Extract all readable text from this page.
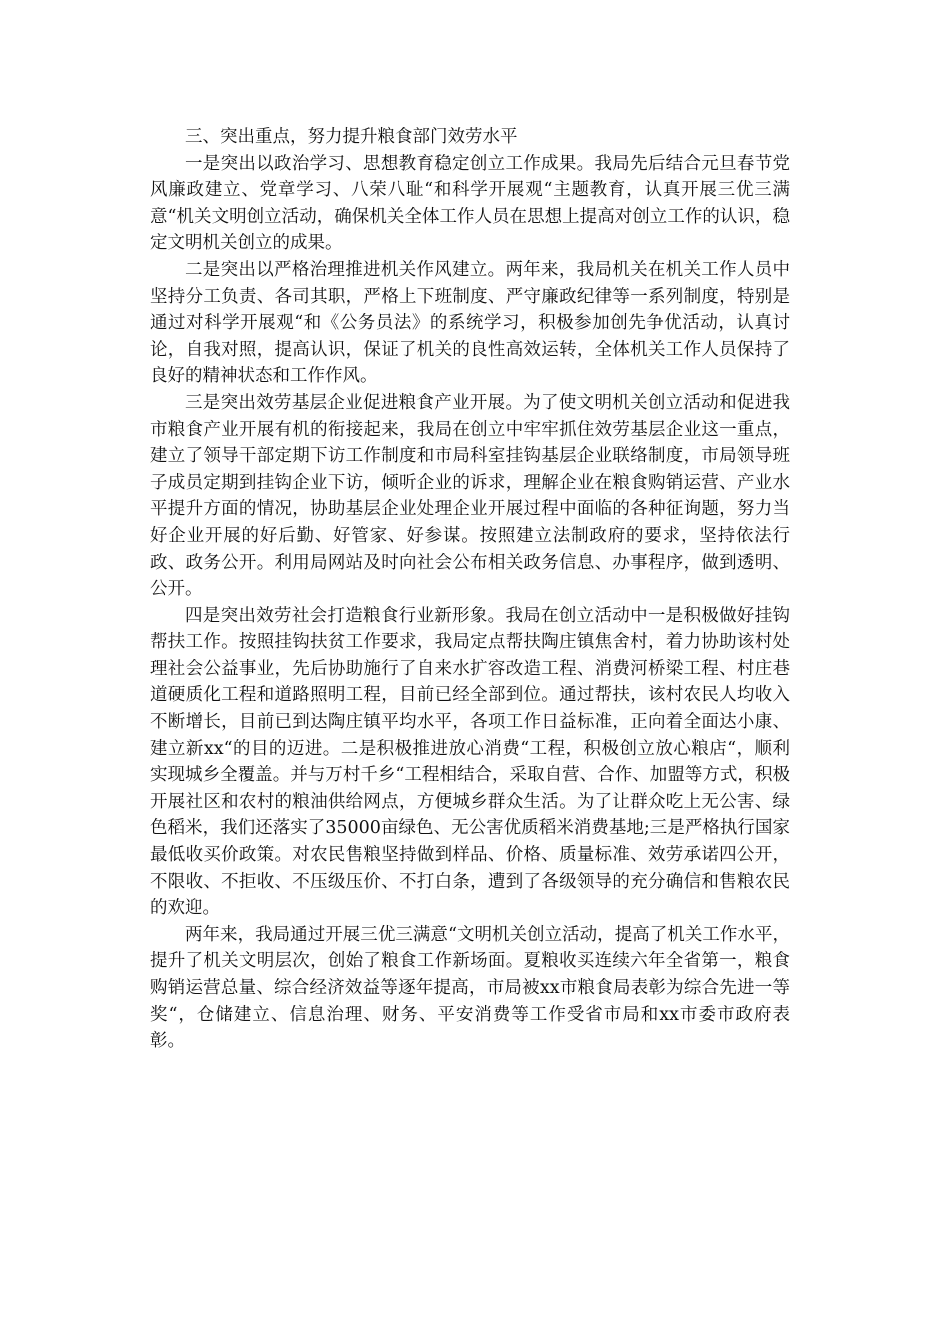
三、突出重点，努力提升粮食部门效劳水平

一是突出以政治学习、思想教育稳定创立工作成果。我局先后结合元旦春节党风廉政建立、党章学习、八荣八耻“和科学开展观“主题教育，认真开展三优三满意“机关文明创立活动，确保机关全体工作人员在思想上提高对创立工作的认识，稳定文明机关创立的成果。

二是突出以严格治理推进机关作风建立。两年来，我局机关在机关工作人员中坚持分工负责、各司其职，严格上下班制度、严守廉政纪律等一系列制度，特别是通过对科学开展观“和《公务员法》的系统学习，积极参加创先争优活动，认真讨论，自我对照，提高认识，保证了机关的良性高效运转，全体机关工作人员保持了良好的精神状态和工作作风。

三是突出效劳基层企业促进粮食产业开展。为了使文明机关创立活动和促进我市粮食产业开展有机的衔接起来，我局在创立中牢牢抓住效劳基层企业这一重点，建立了领导干部定期下访工作制度和市局科室挂钩基层企业联络制度，市局领导班子成员定期到挂钩企业下访，倾听企业的诉求，理解企业在粮食购销运营、产业水平提升方面的情况，协助基层企业处理企业开展过程中面临的各种征询题，努力当好企业开展的好后勤、好管家、好参谋。按照建立法制政府的要求，坚持依法行政、政务公开。利用局网站及时向社会公布相关政务信息、办事程序，做到透明、公开。

四是突出效劳社会打造粮食行业新形象。我局在创立活动中一是积极做好挂钩帮扶工作。按照挂钩扶贫工作要求，我局定点帮扶陶庄镇焦舍村，着力协助该村处理社会公益事业，先后协助施行了自来水扩容改造工程、消费河桥梁工程、村庄巷道硬质化工程和道路照明工程，目前已经全部到位。通过帮扶，该村农民人均收入不断增长，目前已到达陶庄镇平均水平，各项工作日益标准，正向着全面达小康、建立新xx“的目的迈进。二是积极推进放心消费“工程，积极创立放心粮店“，顺利实现城乡全覆盖。并与万村千乡“工程相结合，采取自营、合作、加盟等方式，积极开展社区和农村的粮油供给网点，方便城乡群众生活。为了让群众吃上无公害、绿色稻米，我们还落实了35000亩绿色、无公害优质稻米消费基地;三是严格执行国家最低收买价政策。对农民售粮坚持做到样品、价格、质量标准、效劳承诺四公开，不限收、不拒收、不压级压价、不打白条，遭到了各级领导的充分确信和售粮农民的欢迎。

两年来，我局通过开展三优三满意“文明机关创立活动，提高了机关工作水平，提升了机关文明层次，创始了粮食工作新场面。夏粮收买连续六年全省第一，粮食购销运营总量、综合经济效益等逐年提高，市局被xx市粮食局表彰为综合先进一等奖“，仓储建立、信息治理、财务、平安消费等工作受省市局和xx市委市政府表彰。
